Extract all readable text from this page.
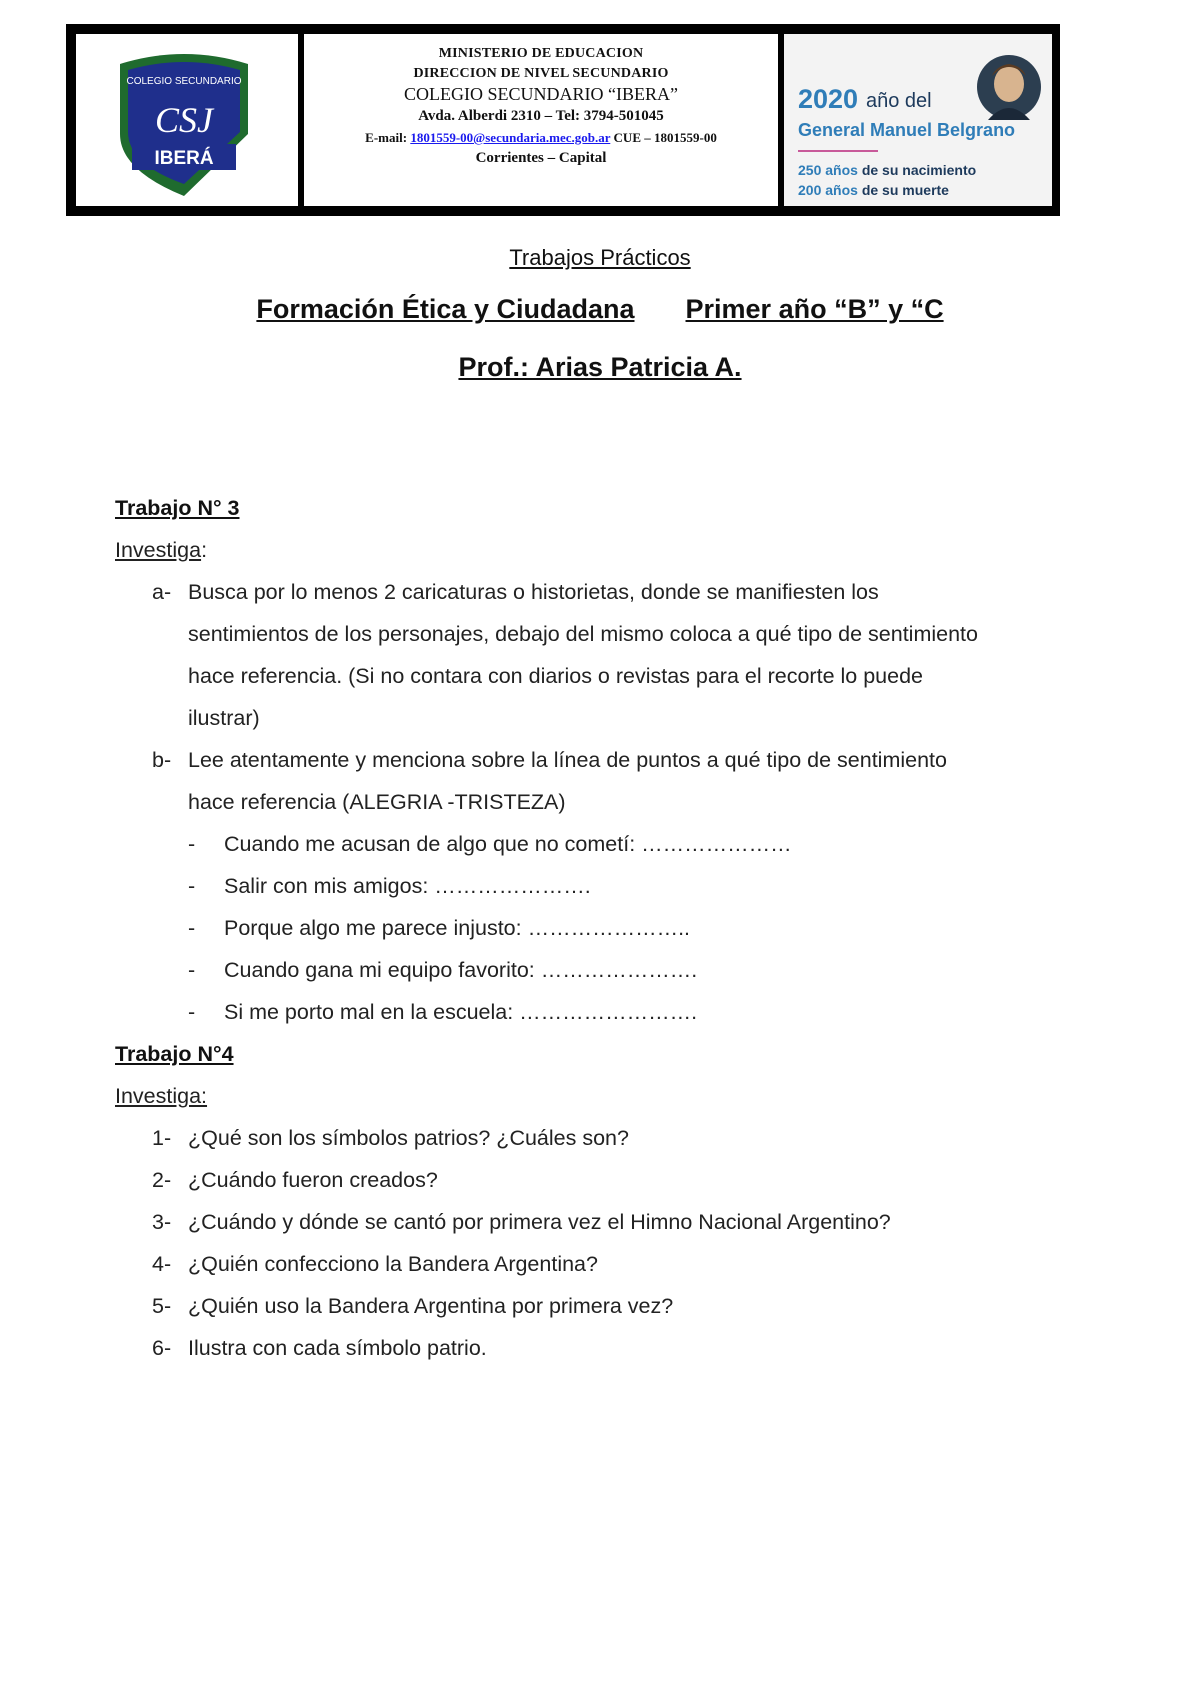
COLEGIO SECUNDARIO
CSJ
IBERÁ
MINISTERIO DE EDUCACION
DIRECCION DE NIVEL SECUNDARIO
COLEGIO SECUNDARIO “IBERA”
Avda. Alberdi 2310 – Tel: 3794-501045
E-mail: 1801559-00@secundaria.mec.gob.ar CUE – 1801559-00
Corrientes – Capital
2020 año del
General Manuel Belgrano
250 años de su nacimiento
200 años de su muerte
Trabajos Prácticos
Formación Ética y Ciudadana Primer año “B” y “C
Prof.: Arias Patricia A.
Trabajo N° 3
Investiga:
a- Busca por lo menos 2 caricaturas o historietas, donde se manifiesten los
sentimientos de los personajes, debajo del mismo coloca a qué tipo de sentimiento
hace referencia. (Si no contara con diarios o revistas para el recorte lo puede
ilustrar)
b- Lee atentamente y menciona sobre la línea de puntos a qué tipo de sentimiento
hace referencia (ALEGRIA -TRISTEZA)
- Cuando me acusan de algo que no cometí: …………………
- Salir con mis amigos: ………………….
- Porque algo me parece injusto: …………………..
- Cuando gana mi equipo favorito: ………………….
- Si me porto mal en la escuela: …………………….
Trabajo N°4
Investiga:
1- ¿Qué son los símbolos patrios? ¿Cuáles son?
2- ¿Cuándo fueron creados?
3- ¿Cuándo y dónde se cantó por primera vez el Himno Nacional Argentino?
4- ¿Quién confecciono la Bandera Argentina?
5- ¿Quién uso la Bandera Argentina por primera vez?
6- Ilustra con cada símbolo patrio.
